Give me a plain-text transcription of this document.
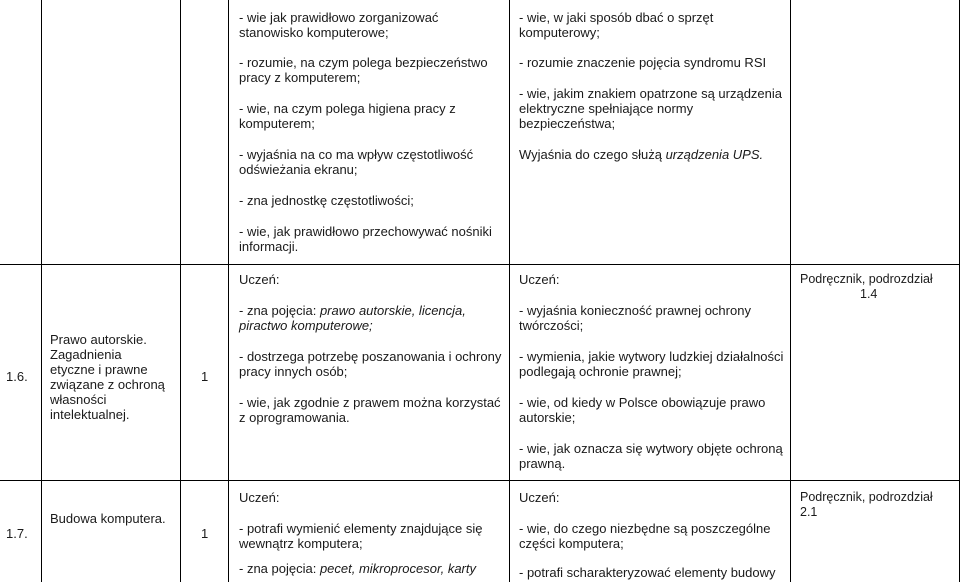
- wie jak prawidłowo zorganizować

stanowisko komputerowe;

- rozumie, na czym polega bezpieczeństwo

pracy z komputerem;

- wie, na czym polega higiena pracy z

komputerem;

- wyjaśnia na co ma wpływ częstotliwość

odświeżania ekranu;

- zna jednostkę częstotliwości;

- wie, jak prawidłowo przechowywać nośniki

informacji.

- wie, w jaki sposób dbać o sprzęt

komputerowy;

- rozumie znaczenie pojęcia syndromu RSI

- wie, jakim znakiem opatrzone są urządzenia

elektryczne spełniające normy

bezpieczeństwa;

Wyjaśnia do czego służą urządzenia UPS.

1.6.

Prawo autorskie.

Zagadnienia

etyczne i prawne

związane z ochroną

własności

intelektualnej.

1

Uczeń:

- zna pojęcia: prawo autorskie, licencja,

piractwo komputerowe;

- dostrzega potrzebę poszanowania i ochrony

pracy innych osób;

- wie, jak zgodnie z prawem można korzystać

z oprogramowania.

Uczeń:

- wyjaśnia konieczność prawnej ochrony

twórczości;

- wymienia, jakie wytwory ludzkiej działalności

podlegają ochronie prawnej;

- wie, od kiedy w Polsce obowiązuje prawo

autorskie;

- wie, jak oznacza się wytwory objęte ochroną

prawną.

Podręcznik, podrozdział

1.4

1.7.

Budowa komputera.

1

Uczeń:

- potrafi wymienić elementy znajdujące się

wewnątrz komputera;

- zna pojęcia: pecet, mikroprocesor, karty

Uczeń:

- wie, do czego niezbędne są poszczególne

części komputera;

- potrafi scharakteryzować elementy budowy

Podręcznik, podrozdział

2.1
